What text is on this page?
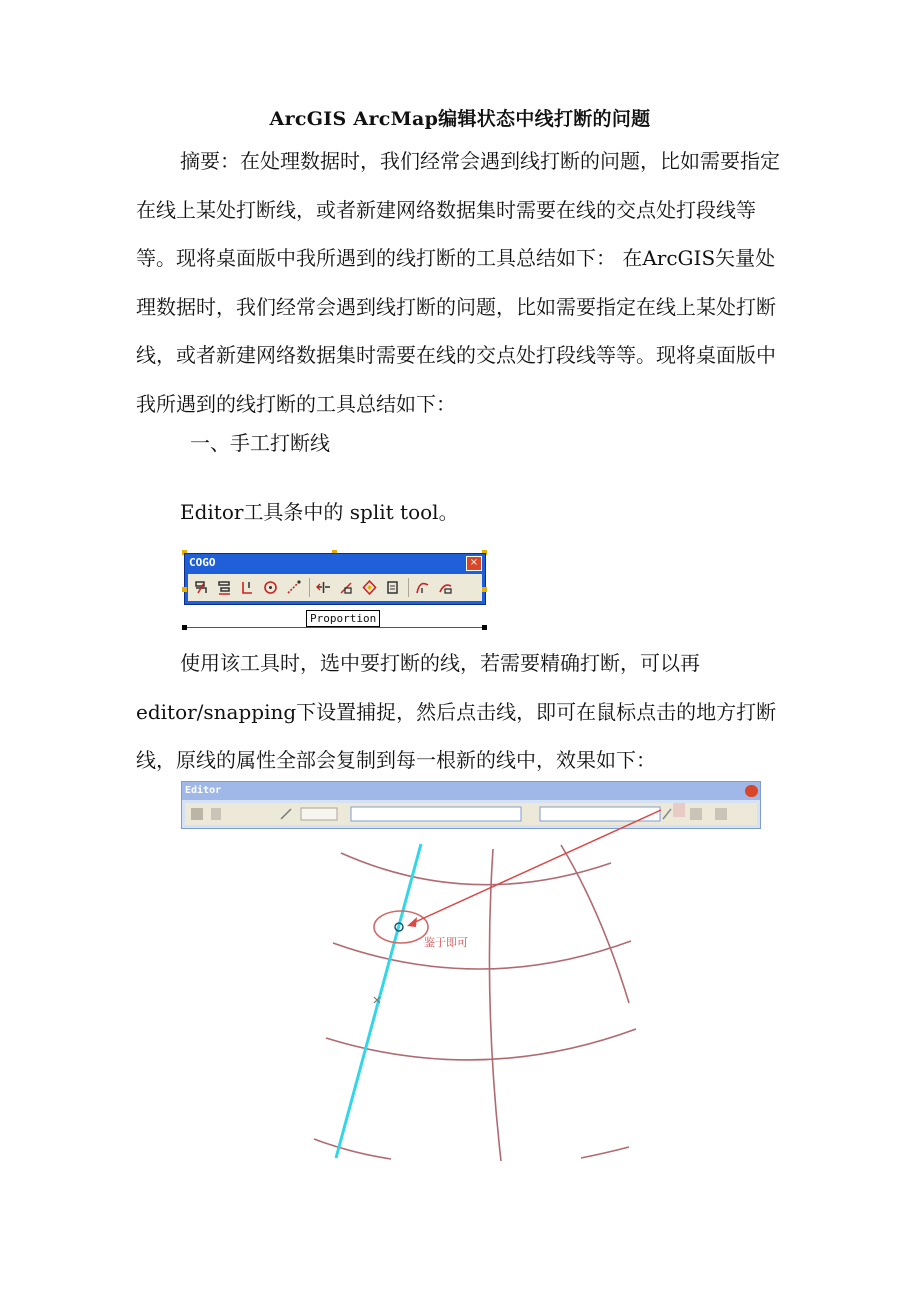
ArcGIS ArcMap编辑状态中线打断的问题

摘要：在处理数据时，我们经常会遇到线打断的问题，比如需要指定在线上某处打断线，或者新建网络数据集时需要在线的交点处打段线等等。现将桌面版中我所遇到的线打断的工具总结如下： 在ArcGIS矢量处理数据时，我们经常会遇到线打断的问题，比如需要指定在线上某处打断线，或者新建网络数据集时需要在线的交点处打段线等等。现将桌面版中我所遇到的线打断的工具总结如下：

一、手工打断线
Editor工具条中的 split tool。
COGO	×
Proportion

使用该工具时，选中要打断的线，若需要精确打断，可以再editor/snapping下设置捕捉，然后点击线，即可在鼠标点击的地方打断线，原线的属性全部会复制到每一根新的线中，效果如下：

Editor
鉴于即可
